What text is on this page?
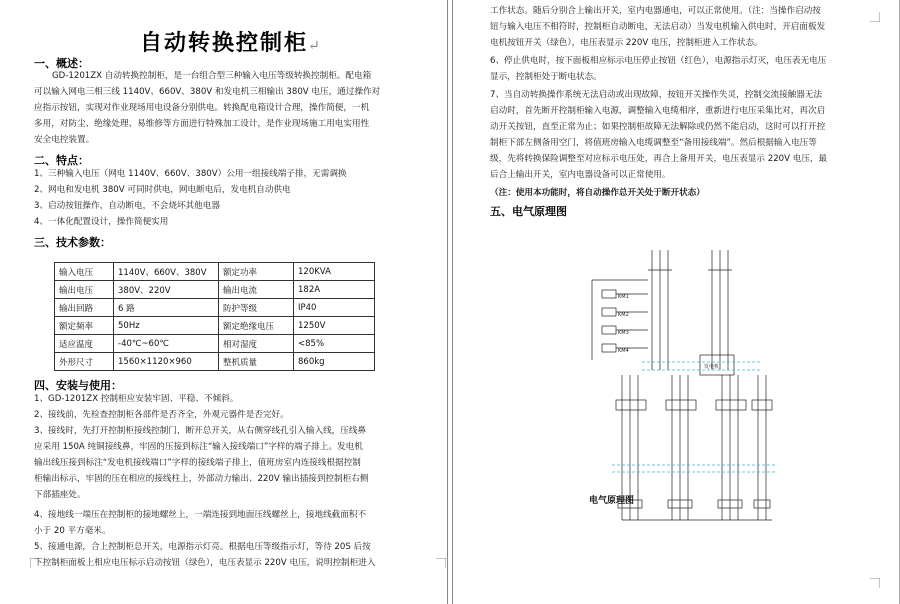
自动转换控制柜↵
一、概述：
GD-1201ZX 自动转换控制柜，是一台组合型三种输入电压等级转换控制柜。配电箱
可以输入网电三相三线 1140V、660V、380V 和发电机三相输出 380V 电压，通过操作对
应指示按钮，实现对作业现场用电设备分别供电。转换配电箱设计合理，操作简便，一机
多用，对防尘、绝缘处理、易维修等方面进行特殊加工设计，是作业现场施工用电实用性
安全电控装置。
二、特点：
1、三种输入电压（网电 1140V、660V、380V）公用一组接线端子排，无需调换
2、网电和发电机 380V 可同时供电，网电断电后，发电机自动供电
3、启动按钮操作，自动断电，不会烧坏其他电器
4、一体化配置设计，操作简便实用
三、技术参数：
输入电压	1140V、660V、380V	额定功率	120KVA
输出电压	380V、220V	输出电流	182A
输出回路	6 路	防护等级	IP40
额定频率	50Hz	额定绝缘电压	1250V
适应温度	-40℃~60℃	相对湿度	<85%
外形尺寸	1560×1120×960	整机质量	860kg
四、安装与使用：
1、GD-1201ZX 控制柜应安装牢固、平稳、不倾斜。
2、接线前，先检查控制柜各部件是否齐全，外观元器件是否完好。
3、接线时，先打开控制柜接线控制门，断开总开关，从右侧穿线孔引入输入线，压线鼻
应采用 150A 纯铜接线鼻，牢固的压接到标注“输入接线端口”字样的端子排上。发电机
输出线压接到标注“发电机接线端口”字样的接线端子排上，值班房室内连接线根据控制
柜输出标示，牢固的压在相应的接线柱上，外部动力输出、220V 输出插接到控制柜右侧
下部插座处。
4、接地线一端压在控制柜的接地螺丝上，一端连接到地面压线螺丝上，接地线截面积不
小于 20 平方毫米。
5、接通电源，合上控制柜总开关，电源指示灯亮。根据电压等级指示灯，等待 20S 后按
下控制柜面板上相应电压标示启动按钮（绿色），电压表显示 220V 电压，说明控制柜进入
工作状态。随后分别合上输出开关，室内电器通电，可以正常使用。（注：当操作启动按
钮与输入电压不相符时，控制柜自动断电，无法启动）当发电机输入供电时，开启面板发
电机按钮开关（绿色），电压表显示 220V 电压，控制柜进入工作状态。
6、停止供电时，按下面板相应标示电压停止按钮（红色），电源指示灯灭，电压表无电压
显示，控制柜处于断电状态。
7、当自动转换操作系统无法启动或出现故障，按钮开关操作失灵，控制交流接触器无法
启动时，首先断开控制柜输入电源，调整输入电缆相序，重新进行电压采集比对，再次启
动开关按钮，直至正常为止；如果控制柜故障无法解除或仍然不能启动，这时可以打开控
制柜下部左侧备用空门，将值班房输入电缆调整至“备用接线端”。然后根据输入电压等
级，先将转换保险调整至对应标示电压处，再合上备用开关，电压表显示 220V 电压，最
后合上输出开关，室内电器设备可以正常使用。
（注：使用本功能时，将自动操作总开关处于断开状态）
五、电气原理图
KM1
KM2
KM3
KM4
发电机
电气原理图
